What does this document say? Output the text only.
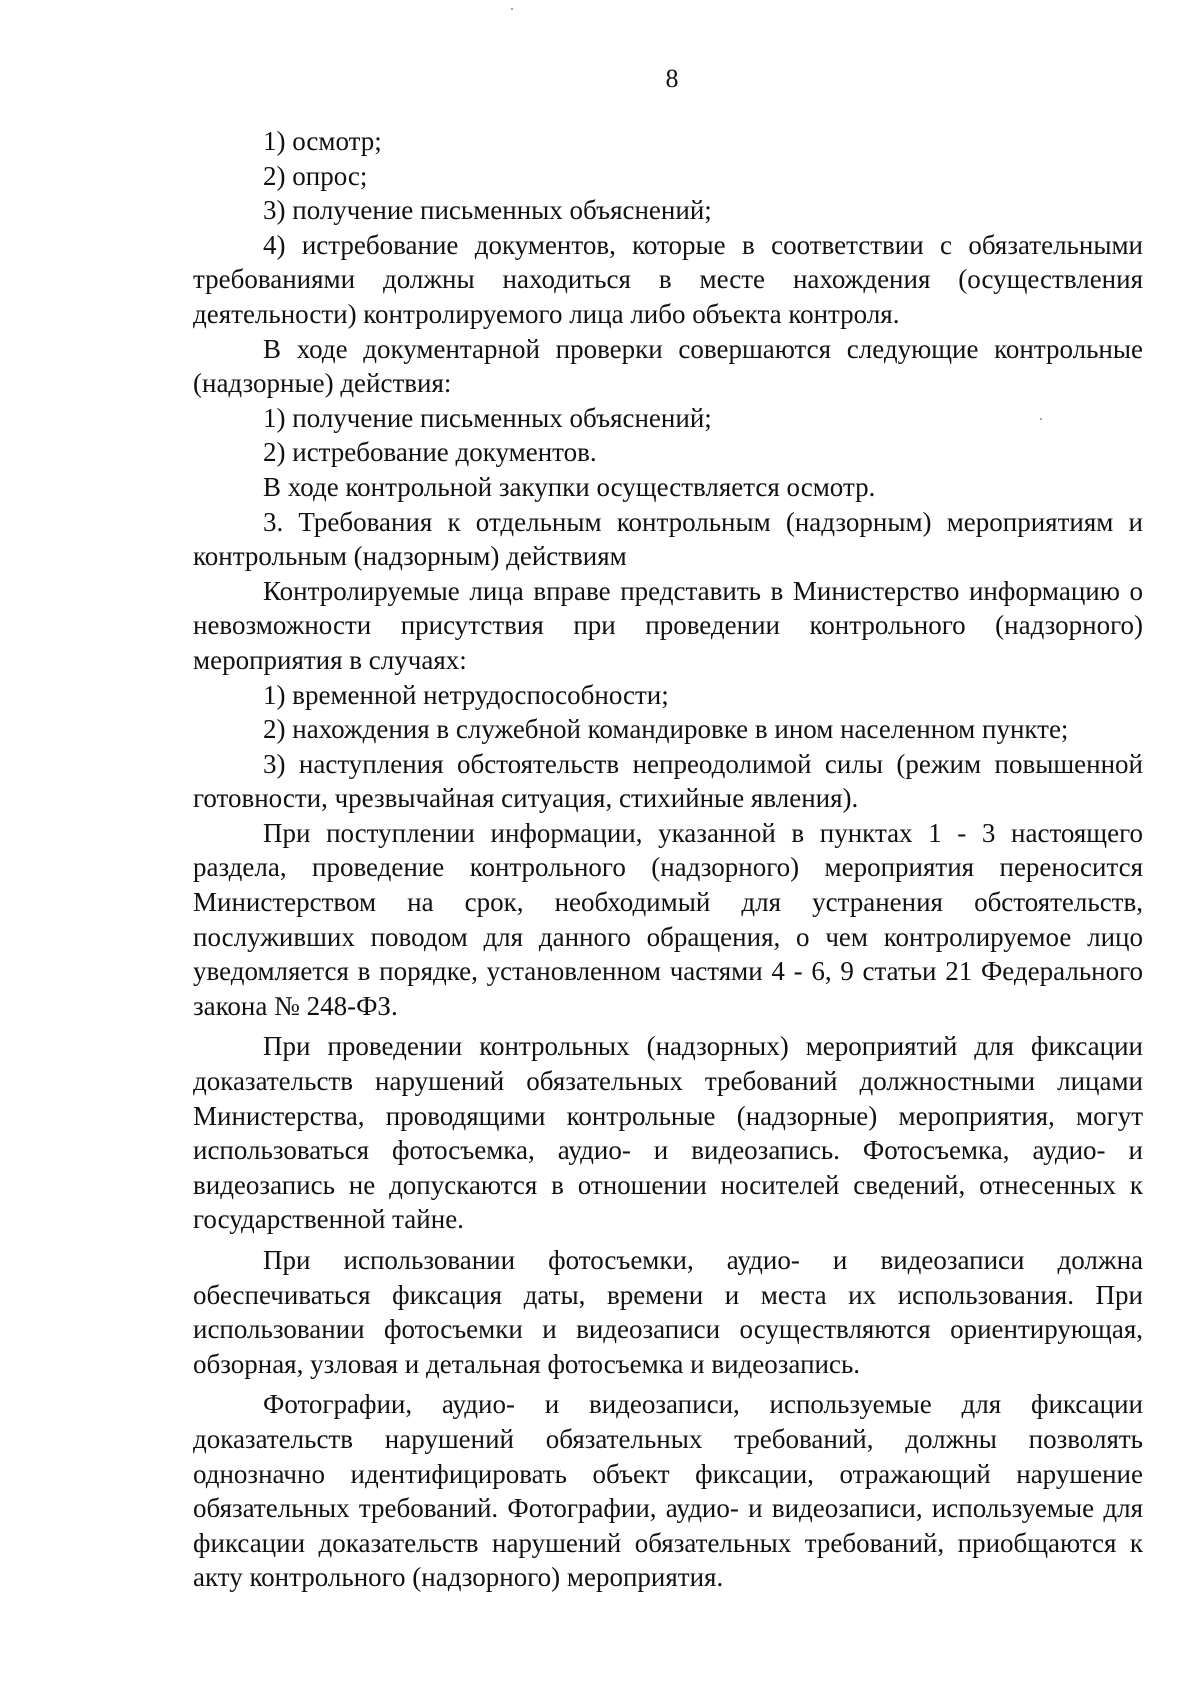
8

1) осмотр;

2) опрос;

3) получение письменных объяснений;

4) истребование документов, которые в соответствии с обязательными требованиями должны находиться в месте нахождения (осуществления деятельности) контролируемого лица либо объекта контроля.

В ходе документарной проверки совершаются следующие контрольные (надзорные) действия:

1) получение письменных объяснений;

2) истребование документов.

В ходе контрольной закупки осуществляется осмотр.

3. Требования к отдельным контрольным (надзорным) мероприятиям и контрольным (надзорным) действиям

Контролируемые лица вправе представить в Министерство информацию о невозможности присутствия при проведении контрольного (надзорного) мероприятия в случаях:

1) временной нетрудоспособности;

2) нахождения в служебной командировке в ином населенном пункте;

3) наступления обстоятельств непреодолимой силы (режим повышенной готовности, чрезвычайная ситуация, стихийные явления).

При поступлении информации, указанной в пунктах 1 - 3 настоящего раздела, проведение контрольного (надзорного) мероприятия переносится Министерством на срок, необходимый для устранения обстоятельств, послуживших поводом для данного обращения, о чем контролируемое лицо уведомляется в порядке, установленном частями 4 - 6, 9 статьи 21 Федерального закона № 248-ФЗ.

При проведении контрольных (надзорных) мероприятий для фиксации доказательств нарушений обязательных требований должностными лицами Министерства, проводящими контрольные (надзорные) мероприятия, могут использоваться фотосъемка, аудио- и видеозапись. Фотосъемка, аудио- и видеозапись не допускаются в отношении носителей сведений, отнесенных к государственной тайне.

При использовании фотосъемки, аудио- и видеозаписи должна обеспечиваться фиксация даты, времени и места их использования. При использовании фотосъемки и видеозаписи осуществляются ориентирующая, обзорная, узловая и детальная фотосъемка и видеозапись.

Фотографии, аудио- и видеозаписи, используемые для фиксации доказательств нарушений обязательных требований, должны позволять однозначно идентифицировать объект фиксации, отражающий нарушение обязательных требований. Фотографии, аудио- и видеозаписи, используемые для фиксации доказательств нарушений обязательных требований, приобщаются к акту контрольного (надзорного) мероприятия.
